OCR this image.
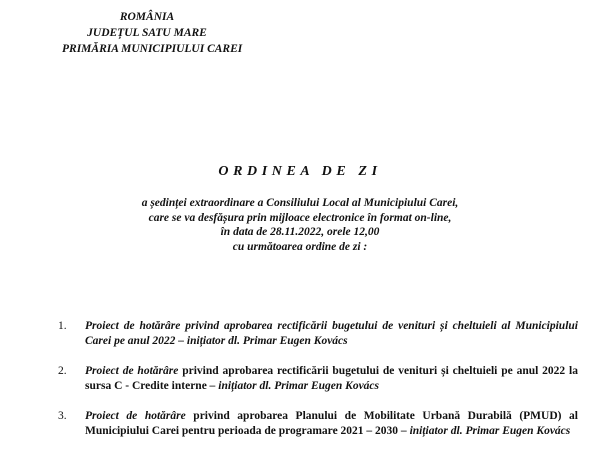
ROMÂNIA
JUDEȚUL SATU MARE
PRIMĂRIA MUNICIPIULUI CAREI
ORDINEA DE ZI
a ședinței extraordinare a Consiliului Local al Municipiului Carei,
care se va desfășura prin mijloace electronice în format on-line,
în data de 28.11.2022, orele 12,00
cu următoarea ordine de zi :
1. Proiect de hotărâre privind aprobarea rectificării bugetului de venituri și cheltuieli al Municipiului Carei pe anul 2022 – inițiator dl. Primar Eugen Kovács
2. Proiect de hotărâre privind aprobarea rectificării bugetului de venituri și cheltuieli pe anul 2022 la sursa C - Credite interne – inițiator dl. Primar Eugen Kovács
3. Proiect de hotărâre privind aprobarea Planului de Mobilitate Urbană Durabilă (PMUD) al Municipiului Carei pentru perioada de programare 2021 – 2030 – inițiator dl. Primar Eugen Kovács
